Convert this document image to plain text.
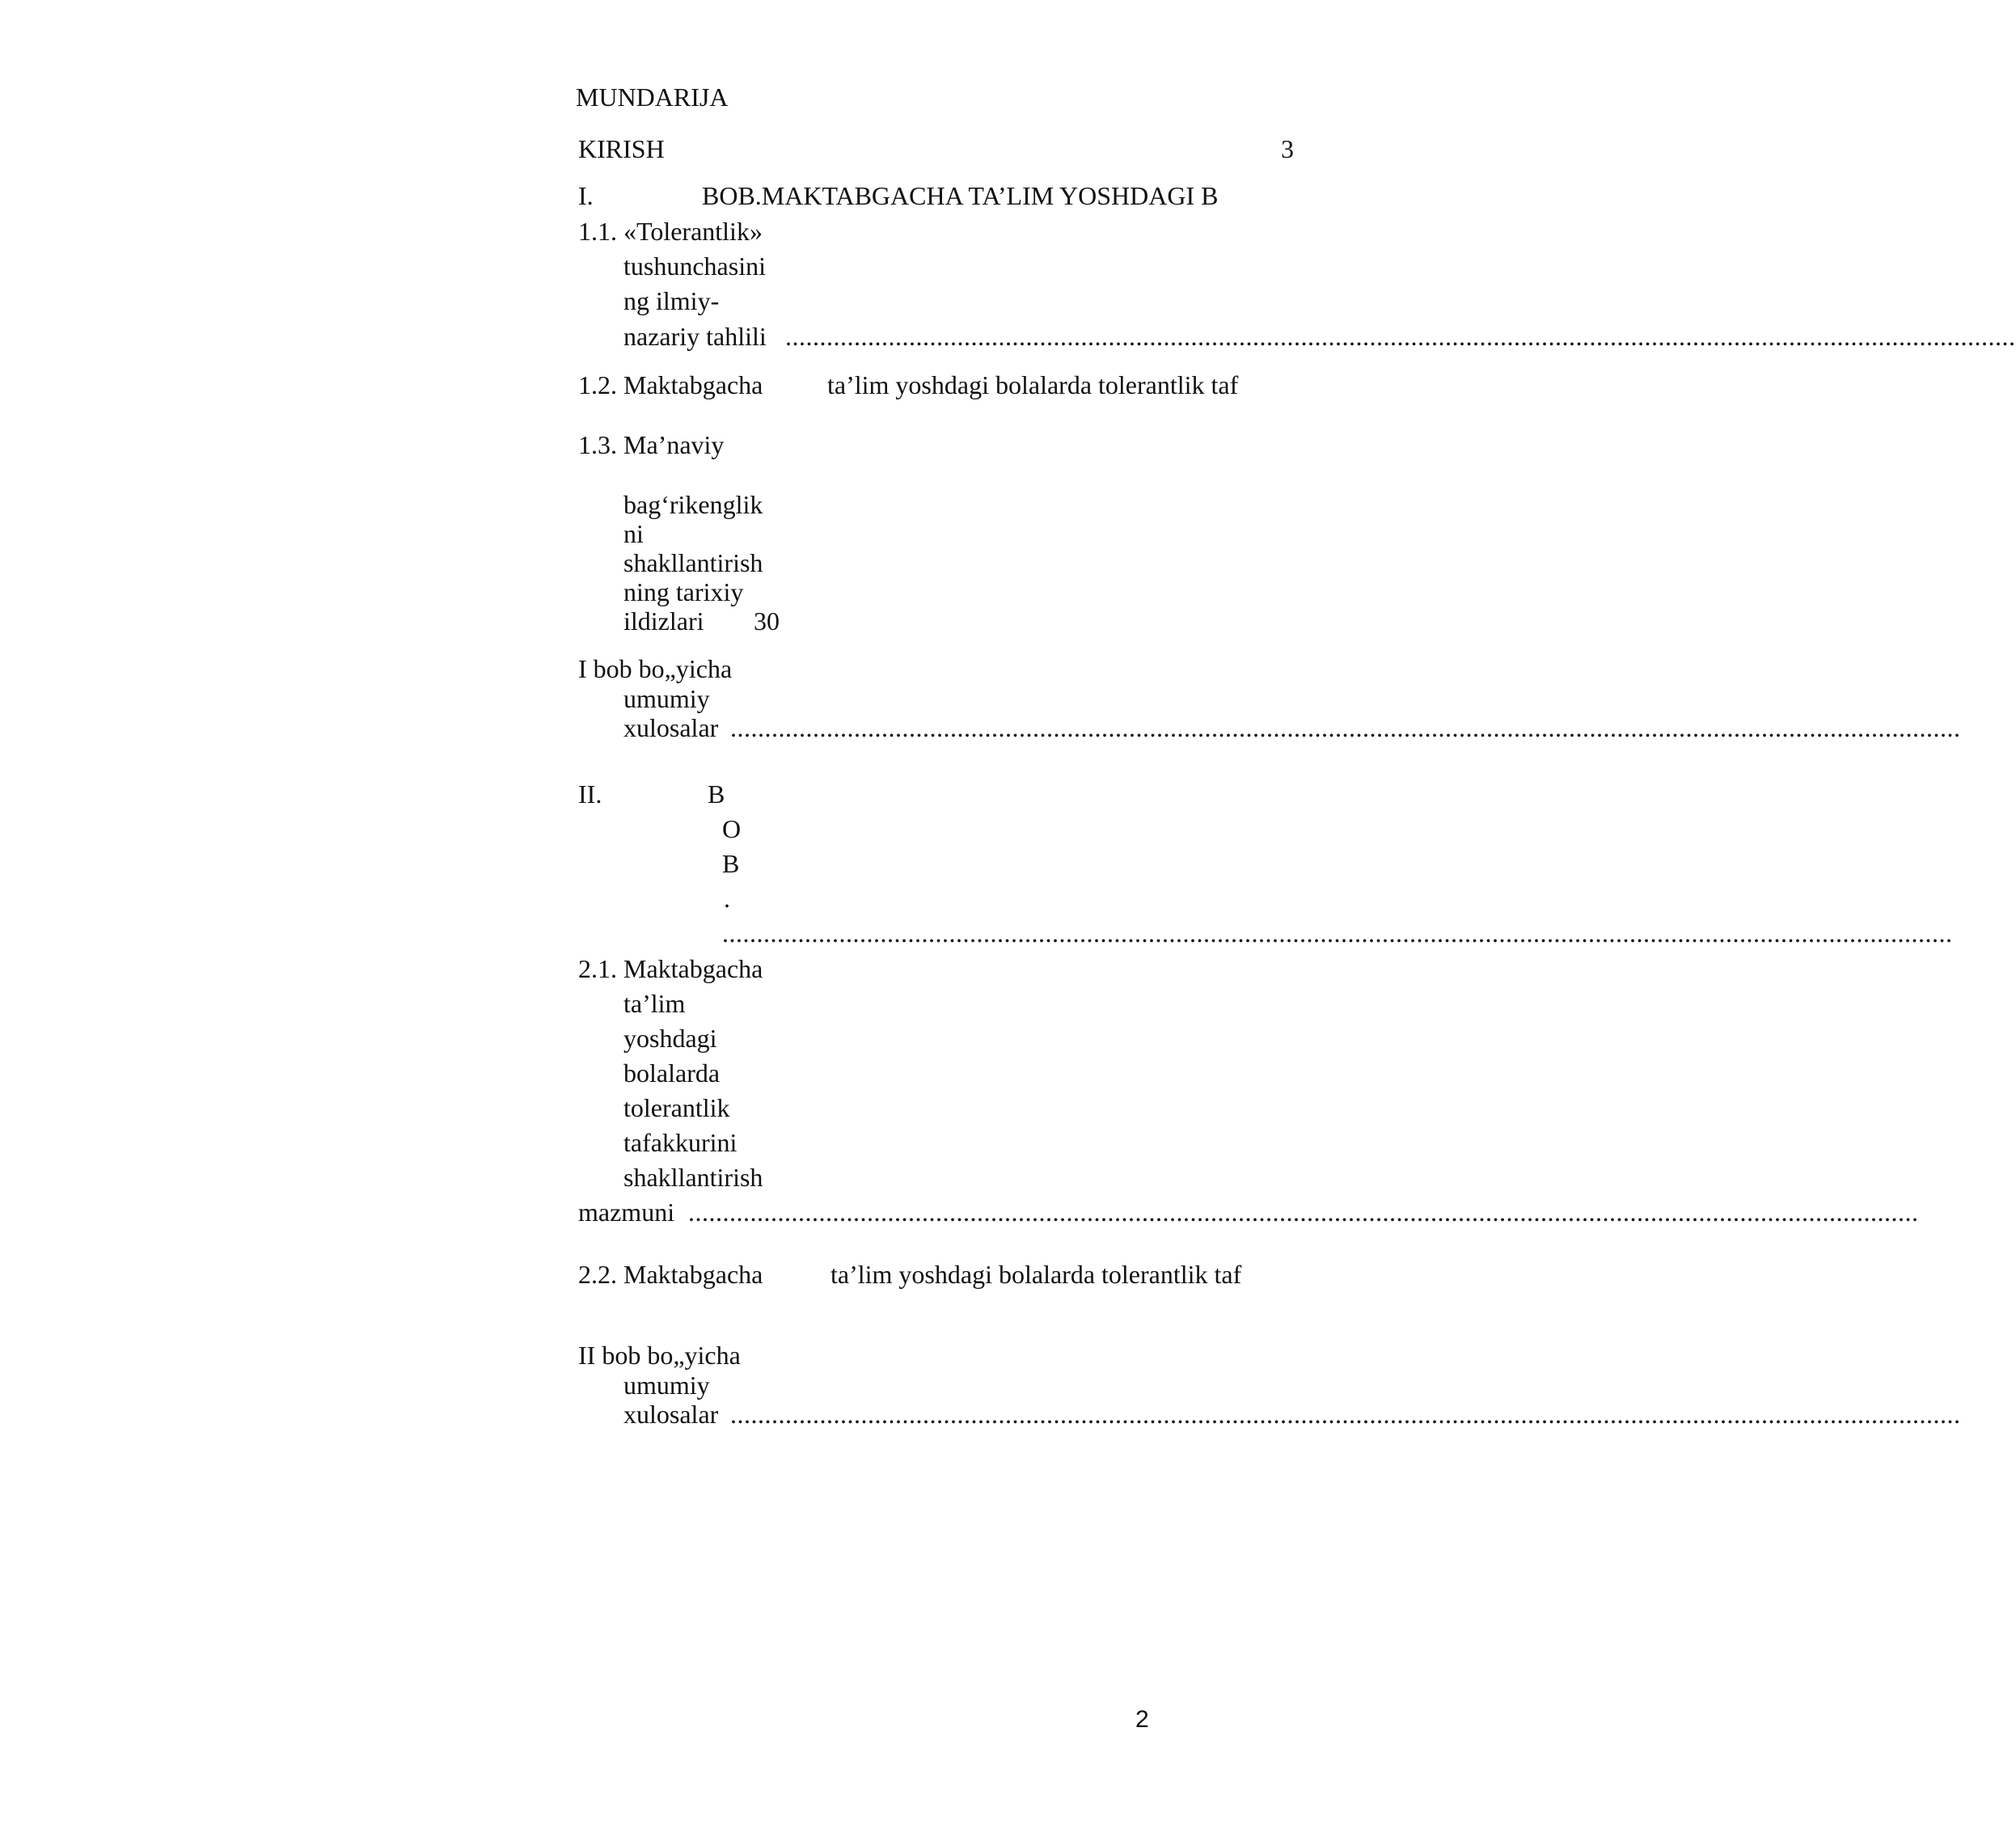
MUNDARIJA
KIRISH	3
I.	BOB.MAKTABGACHA TA’LIM YOSHDAGI B
1.1. «Tolerantlik»
tushunchasini
ng ilmiy-
nazariy tahlili ...................................................................................................................................................................................
1.2. Maktabgacha ta’lim yoshdagi bolalarda tolerantlik taf
1.3. Ma’naviy
bag‘rikenglik
ni
shakllantirish
ning tarixiy
ildizlari 30
I bob bo„yicha
umumiy
xulosalar ...................................................................................................................................................................................
II.	B
O
B
.
...................................................................................................................................................................................
2.1. Maktabgacha
ta’lim
yoshdagi
bolalarda
tolerantlik
tafakkurini
shakllantirish
mazmuni ...................................................................................................................................................................................
2.2. Maktabgacha	ta’lim yoshdagi bolalarda tolerantlik taf
II bob bo„yicha
umumiy
xulosalar ...................................................................................................................................................................................
2
